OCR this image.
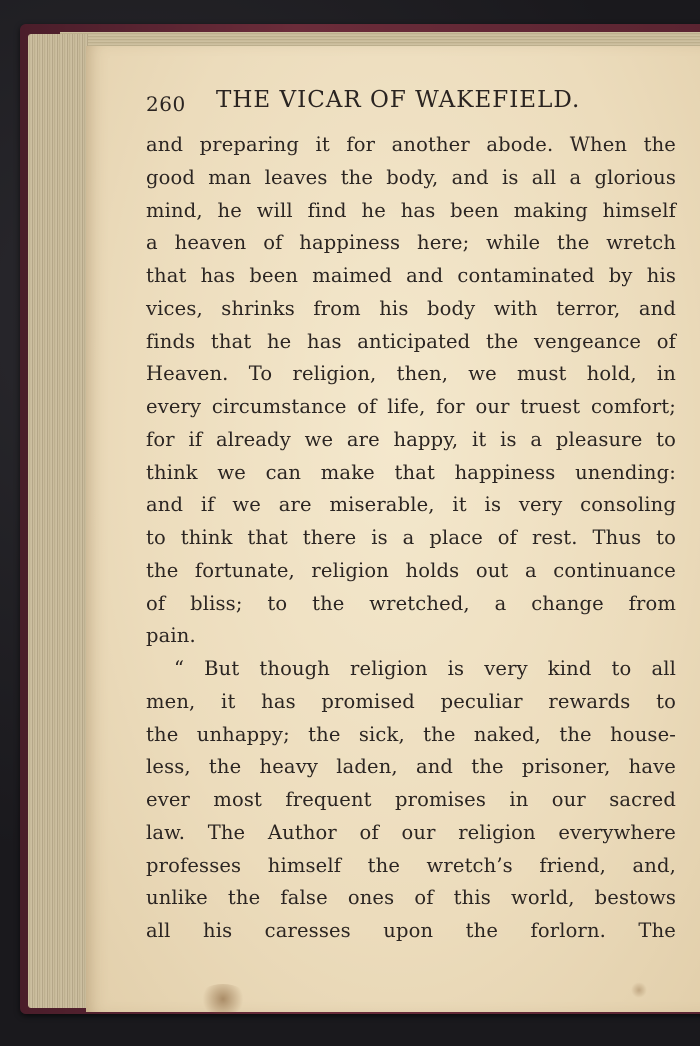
260 THE VICAR OF WAKEFIELD.
and preparing it for another abode. When the
good man leaves the body, and is all a glorious
mind, he will find he has been making himself
a heaven of happiness here; while the wretch
that has been maimed and contaminated by his
vices, shrinks from his body with terror, and
finds that he has anticipated the vengeance of
Heaven. To religion, then, we must hold, in
every circumstance of life, for our truest comfort;
for if already we are happy, it is a pleasure to
think we can make that happiness unending:
and if we are miserable, it is very consoling
to think that there is a place of rest. Thus to
the fortunate, religion holds out a continuance
of bliss; to the wretched, a change from
pain.
“ But though religion is very kind to all
men, it has promised peculiar rewards to
the unhappy; the sick, the naked, the house-
less, the heavy laden, and the prisoner, have
ever most frequent promises in our sacred
law. The Author of our religion everywhere
professes himself the wretch’s friend, and,
unlike the false ones of this world, bestows
all his caresses upon the forlorn. The
